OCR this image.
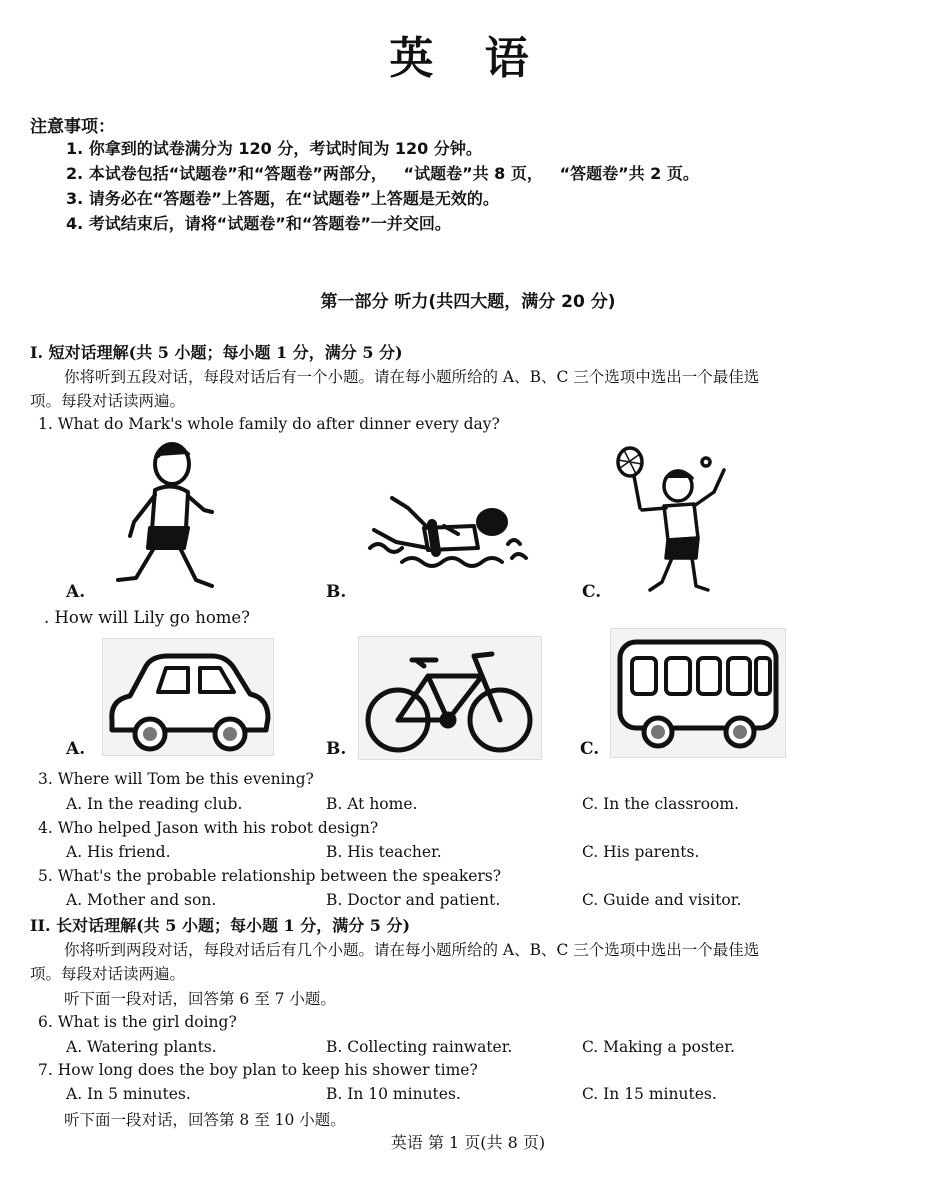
英 语
注意事项：
1. 你拿到的试卷满分为 120 分，考试时间为 120 分钟。
2. 本试卷包括“试题卷”和“答题卷”两部分，   “试题卷”共 8 页，   “答题卷”共 2 页。
3. 请务必在“答题卷”上答题，在“试题卷”上答题是无效的。
4. 考试结束后，请将“试题卷”和“答题卷”一并交回。
第一部分 听力(共四大题，满分 20 分)
I. 短对话理解(共 5 小题；每小题 1 分，满分 5 分)
你将听到五段对话，每段对话后有一个小题。请在每小题所给的 A、B、C 三个选项中选出一个最佳选
项。每段对话读两遍。
1. What do Mark's whole family do after dinner every day?
A.	B.	C.
. How will Lily go home?
A.	B.	C.
3. Where will Tom be this evening?
A. In the reading club.	B. At home.	C. In the classroom.
4. Who helped Jason with his robot design?
A. His friend.	B. His teacher.	C. His parents.
5. What's the probable relationship between the speakers?
A. Mother and son.	B. Doctor and patient.	C. Guide and visitor.
II. 长对话理解(共 5 小题；每小题 1 分，满分 5 分)
你将听到两段对话，每段对话后有几个小题。请在每小题所给的 A、B、C 三个选项中选出一个最佳选
项。每段对话读两遍。
听下面一段对话，回答第 6 至 7 小题。
6. What is the girl doing?
A. Watering plants.	B. Collecting rainwater.	C. Making a poster.
7. How long does the boy plan to keep his shower time?
A. In 5 minutes.	B. In 10 minutes.	C. In 15 minutes.
听下面一段对话，回答第 8 至 10 小题。
英语 第 1 页(共 8 页)
